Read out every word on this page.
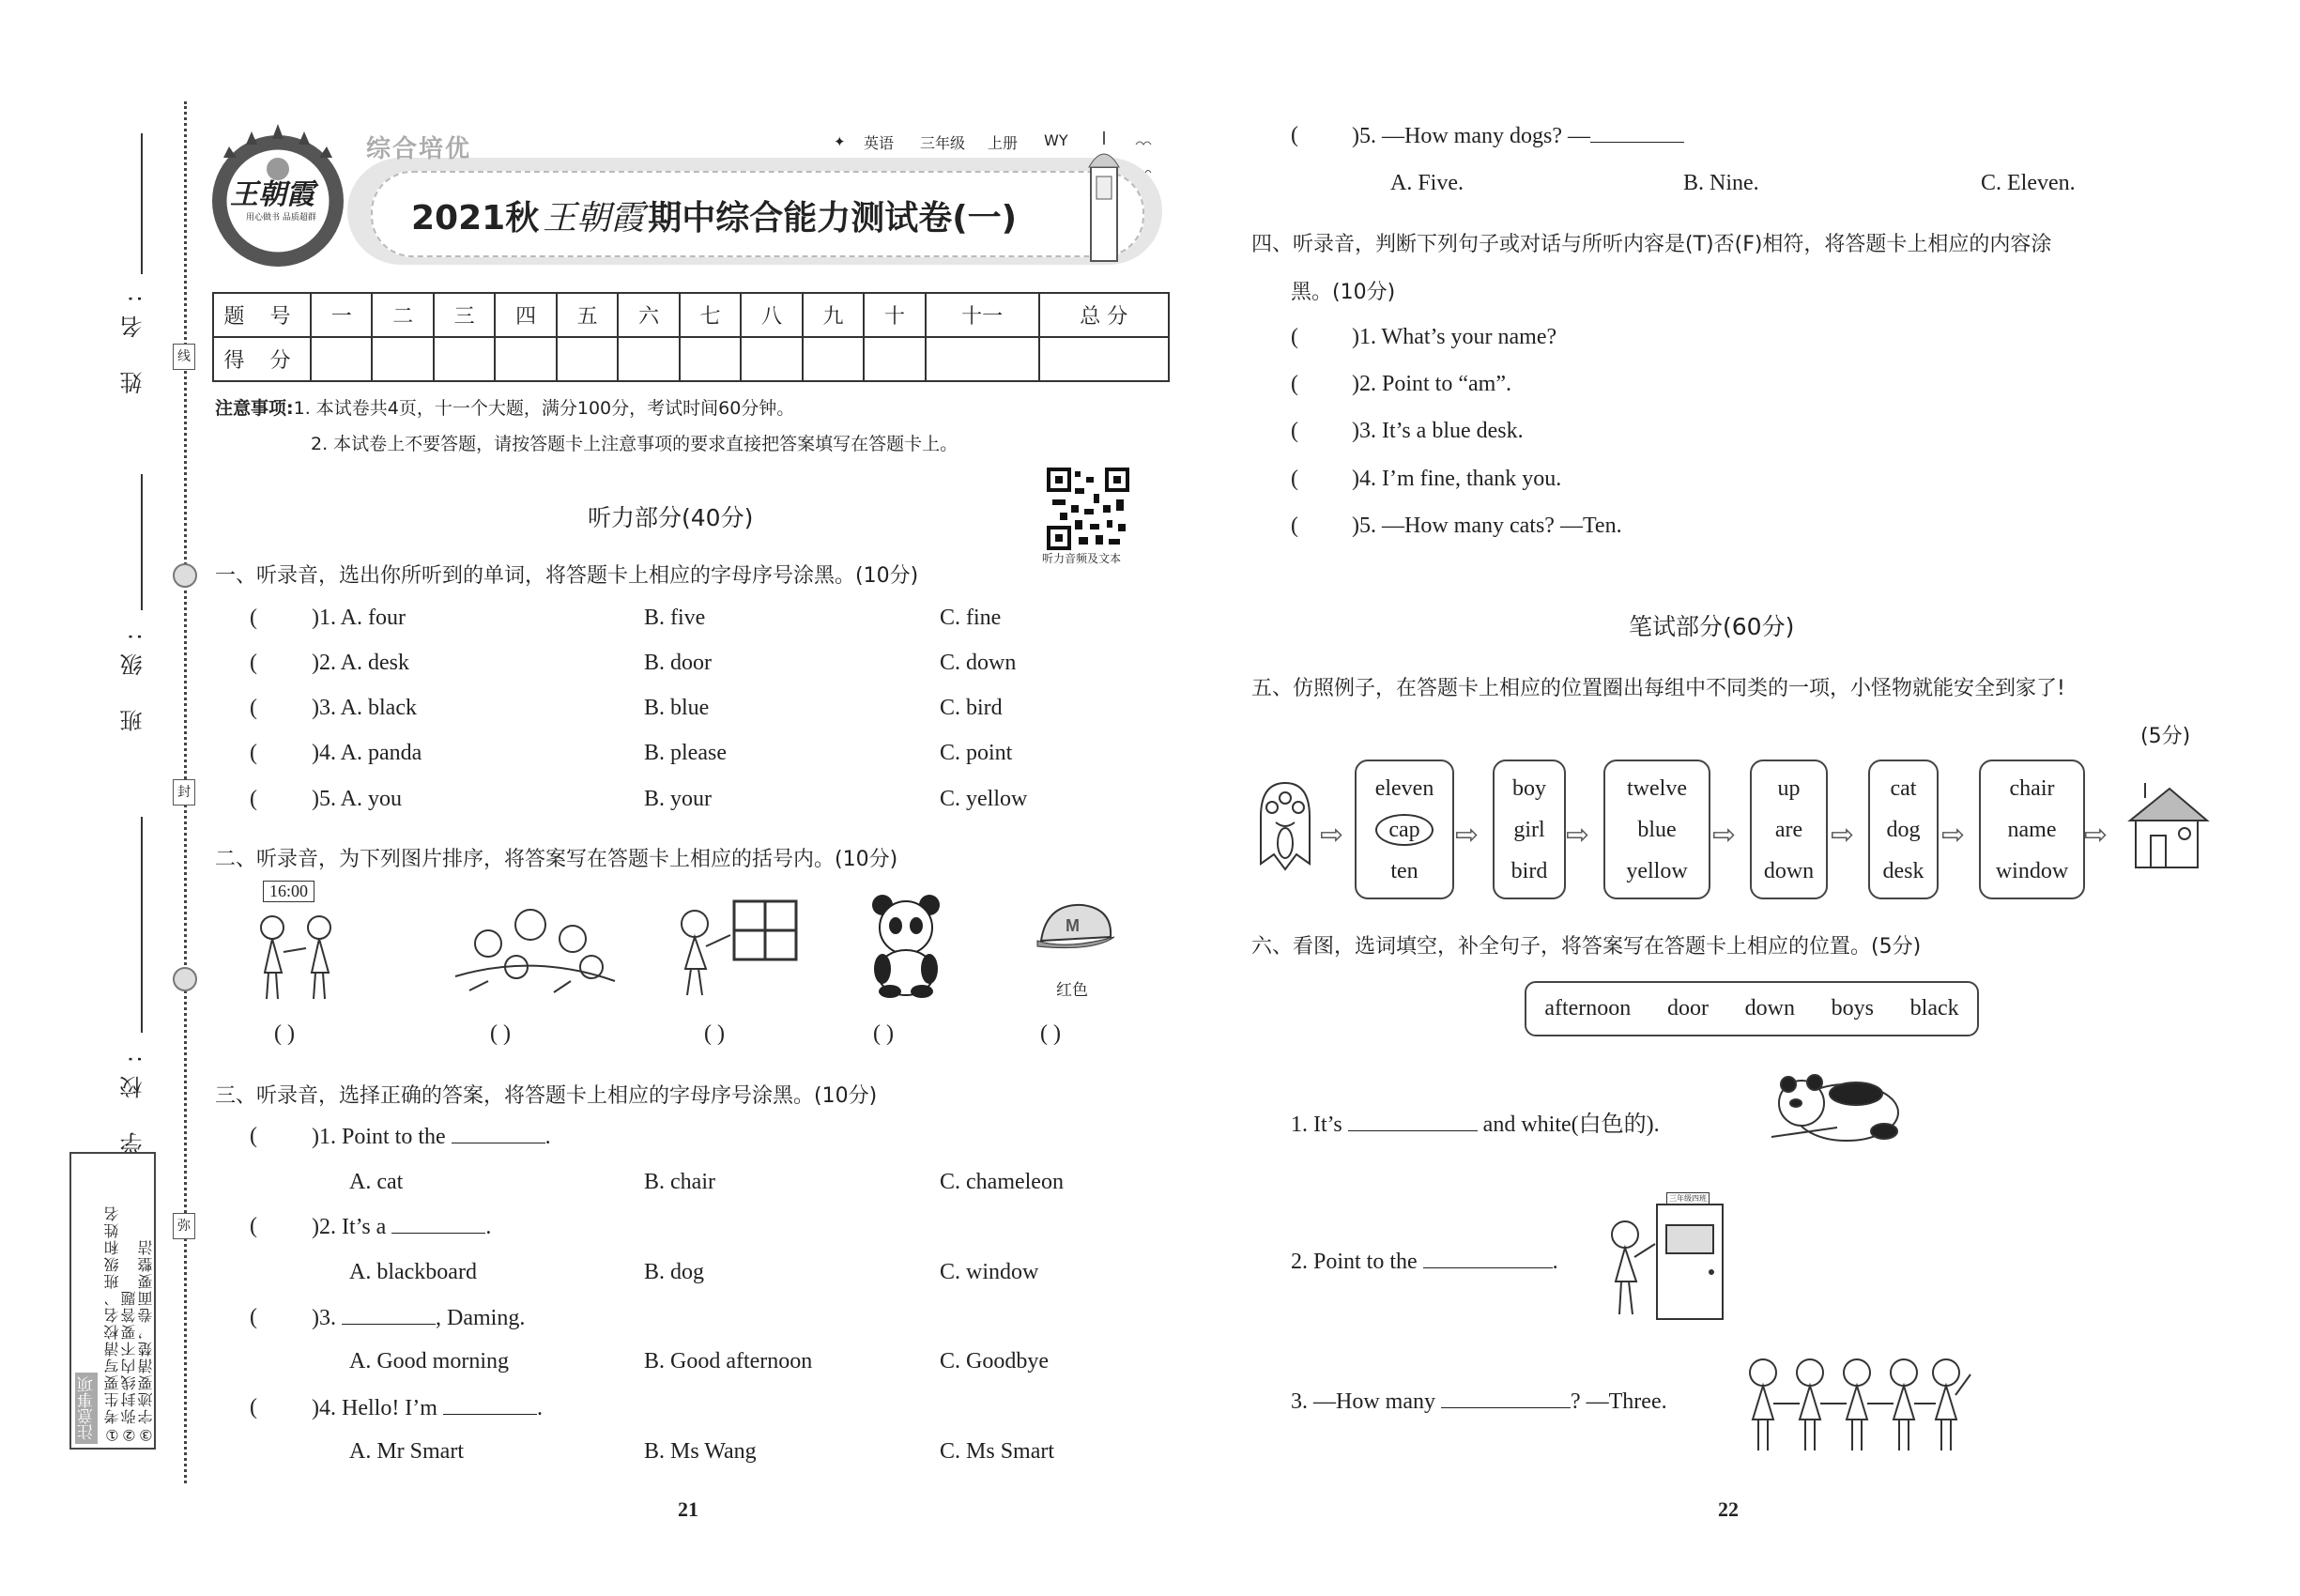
线
封
弥
姓 名:
班 级:
学 校:
注意事项 ①考生要写清校名、班级和姓名 ②弥封线内不要答题 ③字迹要清楚，卷面要整洁
王朝霞
用心做书 品质超群
综合培优	✦ 英语 三年级 上册 WY
2021秋 王朝霞 期中综合能力测试卷(一)
题 号	一	二	三	四	五	六	七	八	九	十	十一	总 分
得 分												
注意事项:1. 本试卷共4页，十一个大题，满分100分，考试时间60分钟。
2. 本试卷上不要答题，请按答题卡上注意事项的要求直接把答案填写在答题卡上。
听力部分(40分)
听力音频及文本
一、听录音，选出你所听到的单词，将答题卡上相应的字母序号涂黑。(10分)
( )1. A. four	B. five	C. fine
( )2. A. desk	B. door	C. down
( )3. A. black	B. blue	C. bird
( )4. A. panda	B. please	C. point
( )5. A. you	B. your	C. yellow
二、听录音，为下列图片排序，将答案写在答题卡上相应的括号内。(10分)
16:00
M
红色
( )	( )	( )	( )	( )
三、听录音，选择正确的答案，将答题卡上相应的字母序号涂黑。(10分)
( )1. Point to the	.
A. cat	B. chair	C. chameleon
( )2. It’s a	.
A. blackboard	B. dog	C. window
( )3.	, Daming.
A. Good morning	B. Good afternoon	C. Goodbye
( )4. Hello! I’m	.
A. Mr Smart	B. Ms Wang	C. Ms Smart
21
( )5. —How many dogs? —
A. Five.	B. Nine.	C. Eleven.
四、听录音，判断下列句子或对话与所听内容是(T)否(F)相符，将答题卡上相应的内容涂
黑。(10分)
( )1. What’s your name?
( )2. Point to “am”.
( )3. It’s a blue desk.
( )4. I’m fine, thank you.
( )5. —How many cats? —Ten.
笔试部分(60分)
五、仿照例子，在答题卡上相应的位置圈出每组中不同类的一项，小怪物就能安全到家了!
(5分)
⇨
eleven
cap
ten
⇨
boy
girl
bird
⇨
twelve
blue
yellow
⇨
up
are
down
⇨
cat
dog
desk
⇨
chair
name
window
⇨
六、看图，选词填空，补全句子，将答案写在答题卡上相应的位置。(5分)
afternoon door down boys black
1. It’s	and white(白色的).
2. Point to the	.
三年级四班
3. —How many	? —Three.
22
